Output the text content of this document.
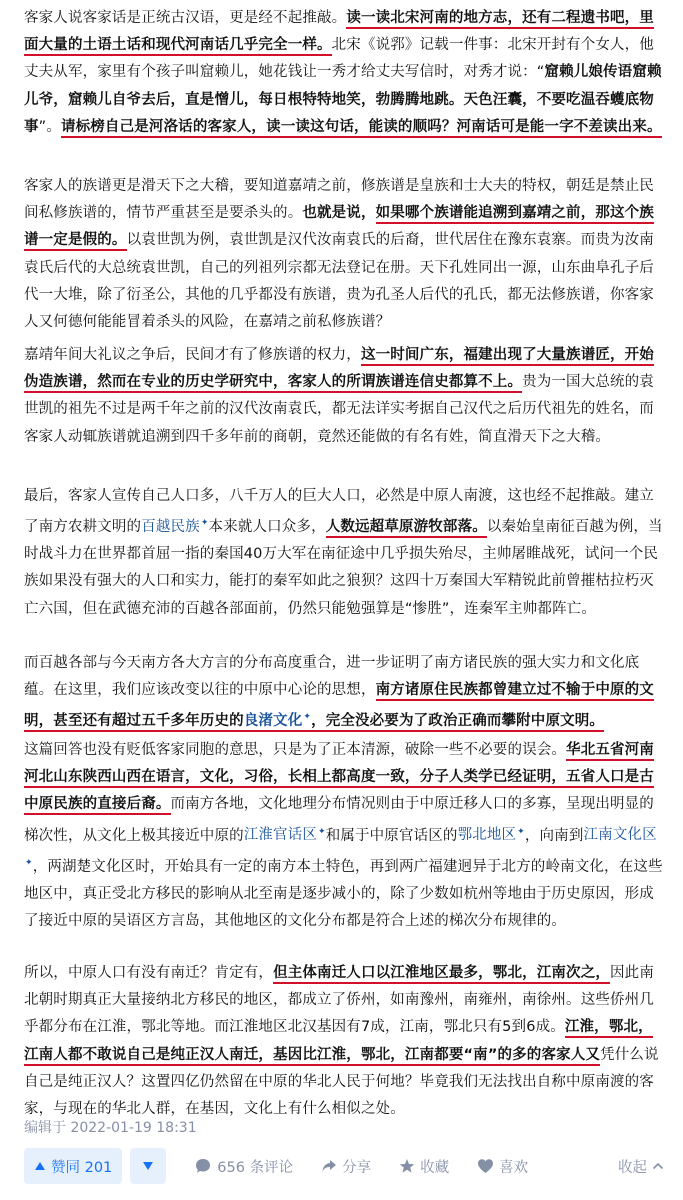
客家人说客家话是正统古汉语，更是经不起推敲。读一读北宋河南的地方志，还有二程遗书吧，里面大量的土语土话和现代河南话几乎完全一样。北宋《说郛》记载一件事：北宋开封有个女人，他丈夫从军，家里有个孩子叫窟赖儿，她花钱让一秀才给丈夫写信时，对秀才说：“窟赖儿娘传语窟赖儿爷，窟赖儿自爷去后，直是憎儿，每日根特特地笑，勃腾腾地跳。天色汪囊，不要吃温吞蠖底物事”。请标榜自己是河洛话的客家人，读一读这句话，能读的顺吗？河南话可是能一字不差读出来。

客家人的族谱更是滑天下之大稽，要知道嘉靖之前，修族谱是皇族和士大夫的特权，朝廷是禁止民间私修族谱的，情节严重甚至是要杀头的。也就是说，如果哪个族谱能追溯到嘉靖之前，那这个族谱一定是假的。以袁世凯为例，袁世凯是汉代汝南袁氏的后裔，世代居住在豫东袁寨。而贵为汝南袁氏后代的大总统袁世凯，自己的列祖列宗都无法登记在册。天下孔姓同出一源，山东曲阜孔子后代一大堆，除了衍圣公，其他的几乎都没有族谱，贵为孔圣人后代的孔氏，都无法修族谱，你客家人又何德何能能冒着杀头的风险，在嘉靖之前私修族谱？

嘉靖年间大礼议之争后，民间才有了修族谱的权力，这一时间广东，福建出现了大量族谱匠，开始伪造族谱，然而在专业的历史学研究中，客家人的所谓族谱连信史都算不上。贵为一国大总统的袁世凯的祖先不过是两千年之前的汉代汝南袁氏，都无法详实考据自己汉代之后历代祖先的姓名，而客家人动辄族谱就追溯到四千多年前的商朝，竟然还能做的有名有姓，简直滑天下之大稽。

最后，客家人宣传自己人口多，八千万人的巨大人口，必然是中原人南渡，这也经不起推敲。建立了南方农耕文明的百越民族 ✦ 本来就人口众多，人数远超草原游牧部落。以秦始皇南征百越为例，当时战斗力在世界都首屈一指的秦国40万大军在南征途中几乎损失殆尽，主帅屠睢战死，试问一个民族如果没有强大的人口和实力，能打的秦军如此之狼狈？这四十万秦国大军精锐此前曾摧枯拉朽灭亡六国，但在武德充沛的百越各部面前，仍然只能勉强算是“惨胜”，连秦军主帅都阵亡。

而百越各部与今天南方各大方言的分布高度重合，进一步证明了南方诸民族的强大实力和文化底蕴。在这里，我们应该改变以往的中原中心论的思想，南方诸原住民族都曾建立过不输于中原的文明，甚至还有超过五千多年历史的良渚文化 ✦ ，完全没必要为了政治正确而攀附中原文明。

这篇回答也没有贬低客家同胞的意思，只是为了正本清源，破除一些不必要的误会。华北五省河南河北山东陕西山西在语言，文化，习俗，长相上都高度一致，分子人类学已经证明，五省人口是古中原民族的直接后裔。而南方各地，文化地理分布情况则由于中原迁移人口的多寡，呈现出明显的梯次性，从文化上极其接近中原的江淮官话区 ✦ 和属于中原官话区的鄂北地区 ✦ ，向南到江南文化区 ✦，两湖楚文化区时，开始具有一定的南方本土特色，再到两广福建迥异于北方的岭南文化，在这些地区中，真正受北方移民的影响从北至南是逐步减小的，除了少数如杭州等地由于历史原因，形成了接近中原的吴语区方言岛，其他地区的文化分布都是符合上述的梯次分布规律的。

所以，中原人口有没有南迁？肯定有，但主体南迁人口以江淮地区最多，鄂北，江南次之，因此南北朝时期真正大量接纳北方移民的地区，都成立了侨州，如南豫州，南雍州，南徐州。这些侨州几乎都分布在江淮，鄂北等地。而江淮地区北汉基因有7成，江南，鄂北只有5到6成。江淮，鄂北，江南人都不敢说自己是纯正汉人南迁，基因比江淮，鄂北，江南都要“南”的多的客家人又凭什么说自己是纯正汉人？这置四亿仍然留在中原的华北人民于何地？毕竟我们无法找出自称中原南渡的客家，与现在的华北人群，在基因，文化上有什么相似之处。

编辑于 2022-01-19 18:31
赞同 201	656 条评论	分享	收藏	喜欢	收起
